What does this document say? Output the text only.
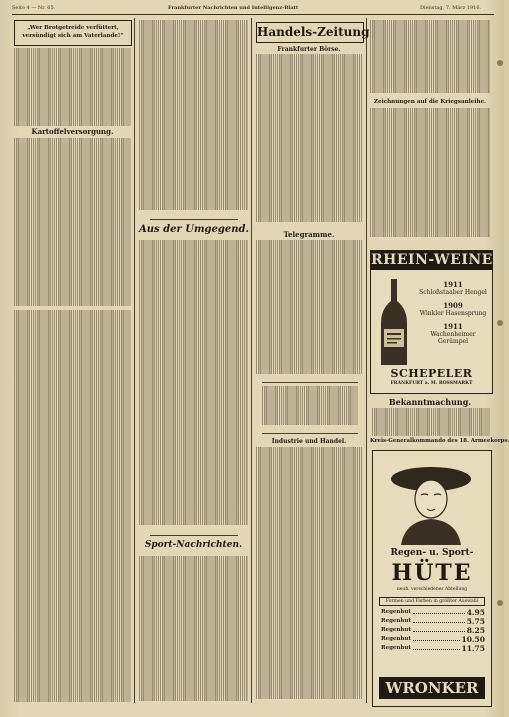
Seite 4 — Nr. 65.	Frankfurter Nachrichten und Intelligenz-Blatt	Dienstag, 7. März 1916.
„Wer Brotgetreide verfüttert,
versündigt sich am Vaterlande!“
Kartoffelversorgung.
Aus der Umgegend.
Sport-Nachrichten.
Handels-Zeitung
Frankfurter Börse.
Telegramme.
Industrie und Handel.
Zeichnungen auf die Kriegsanleihe.
RHEIN-WEINE
1911
Schloßstaaber Hengel
1909
Winkler Hasensprung
1911
Wachenheimer Gerümpel
SCHEPELER
FRANKFURT a. M. ROSSMARKT
Bekanntmachung.
Kreis-Generalkommando des 18. Armeekorps.
Regen- u. Sport-
HÜTE
neuh. verschiedener Abteilung
Formen und Farben in größter Auswahl
Regenhut	4.95
Regenhut	5.75
Regenhut	8.25
Regenhut	10.50
Regenhut	11.75
WRONKER
